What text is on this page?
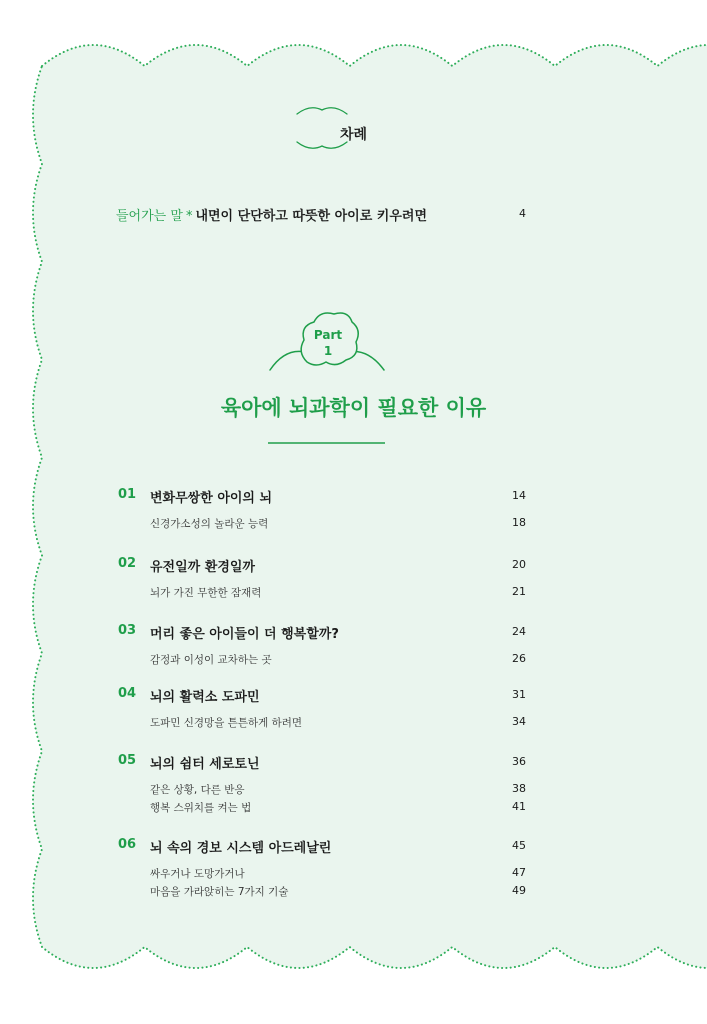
차례
들어가는 말 * 내면이 단단하고 따뜻한 아이로 키우려면	4
Part
1
육아에 뇌과학이 필요한 이유
01 변화무쌍한 아이의 뇌	14
신경가소성의 놀라운 능력	18
02 유전일까 환경일까	20
뇌가 가진 무한한 잠재력	21
03 머리 좋은 아이들이 더 행복할까?	24
감정과 이성이 교차하는 곳	26
04 뇌의 활력소 도파민	31
도파민 신경망을 튼튼하게 하려면	34
05 뇌의 쉼터 세로토닌	36
같은 상황, 다른 반응	38
행복 스위치를 켜는 법	41
06 뇌 속의 경보 시스템 아드레날린	45
싸우거나 도망가거나	47
마음을 가라앉히는 7가지 기술	49
